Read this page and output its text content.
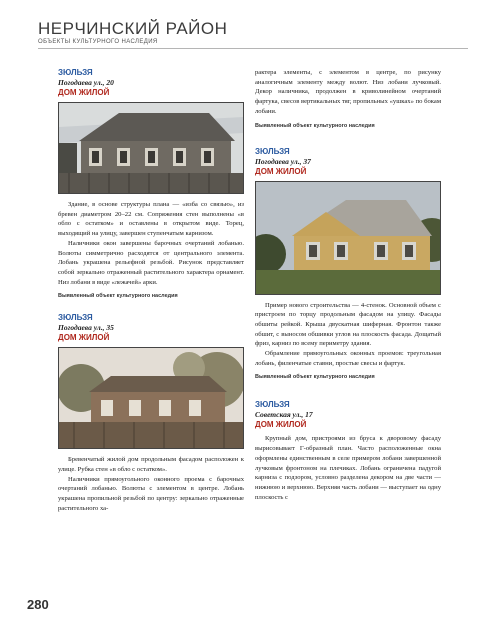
НЕРЧИНСКИЙ РАЙОН
ОБЪЕКТЫ КУЛЬТУРНОГО НАСЛЕДИЯ
ЗЮЛЬЗЯ
Погодаева ул., 20
ДОМ ЖИЛОЙ

Здание, в основе структуры плана — «изба со связью», из бревен диаметром 20–22 см. Сопряжения стен выполнены «в обло с остатком» и оставлены в открытом виде. Торец, выходящий на улицу, завершен ступенчатым карнизом.

Наличники окон завершены барочных очертаний лобанью. Волюты симметрично расходятся от центрального элемента. Лобань украшена рельефной резьбой. Рисунок представляет собой зеркально отраженный растительного характера орнамент. Низ лобани в виде «лежачей» арки.

Выявленный объект культурного наследия
ЗЮЛЬЗЯ
Погодаева ул., 35
ДОМ ЖИЛОЙ

Бревенчатый жилой дом продольным фасадом расположен к улице. Рубка стен «в обло с остатком».

Наличники прямоугольного оконного проема с барочных очертаний лобанью. Волюты с элементом в центре. Лобань украшена пропильной резьбой по центру: зеркально отраженные растительного ха-

рактера элементы, с элементом в центре, по рисунку аналогичным элементу между волют. Низ лобани лучковый. Декор наличника, продолжен в криволинейном очертаний фартука, свесов вертикальных тяг, пропильных «ушках» по бокам лобани.

Выявленный объект культурного наследия
ЗЮЛЬЗЯ
Погодаева ул., 37
ДОМ ЖИЛОЙ

Пример нового строительства — 4-стенок. Основной объем с пристроем по торцу продольным фасадом на улицу. Фасады обшиты рейкой. Крыша двускатная шиферная. Фронтон также обшит, с выносом обшивки углов на плоскость фасада. Дощатый фриз, карниз по всему периметру здания.

Обрамление прямоугольных оконных проемов: треугольная лобань, филенчатые ставни, простые свесы и фартук.

Выявленный объект культурного наследия
ЗЮЛЬЗЯ
Советская ул., 17
ДОМ ЖИЛОЙ

Крупный дом, пристроями из бруса к дворовому фасаду вырисовывает Г-образный план. Часто расположенные окна оформлены единственным в селе примером лобани завершенной лучковым фронтоном на плечиках. Лобань ограничена падугой карниза с подзором, условно разделена декором на две части — нижнюю и верхнюю. Верхняя часть лобани — выступает на одну плоскость с

280
